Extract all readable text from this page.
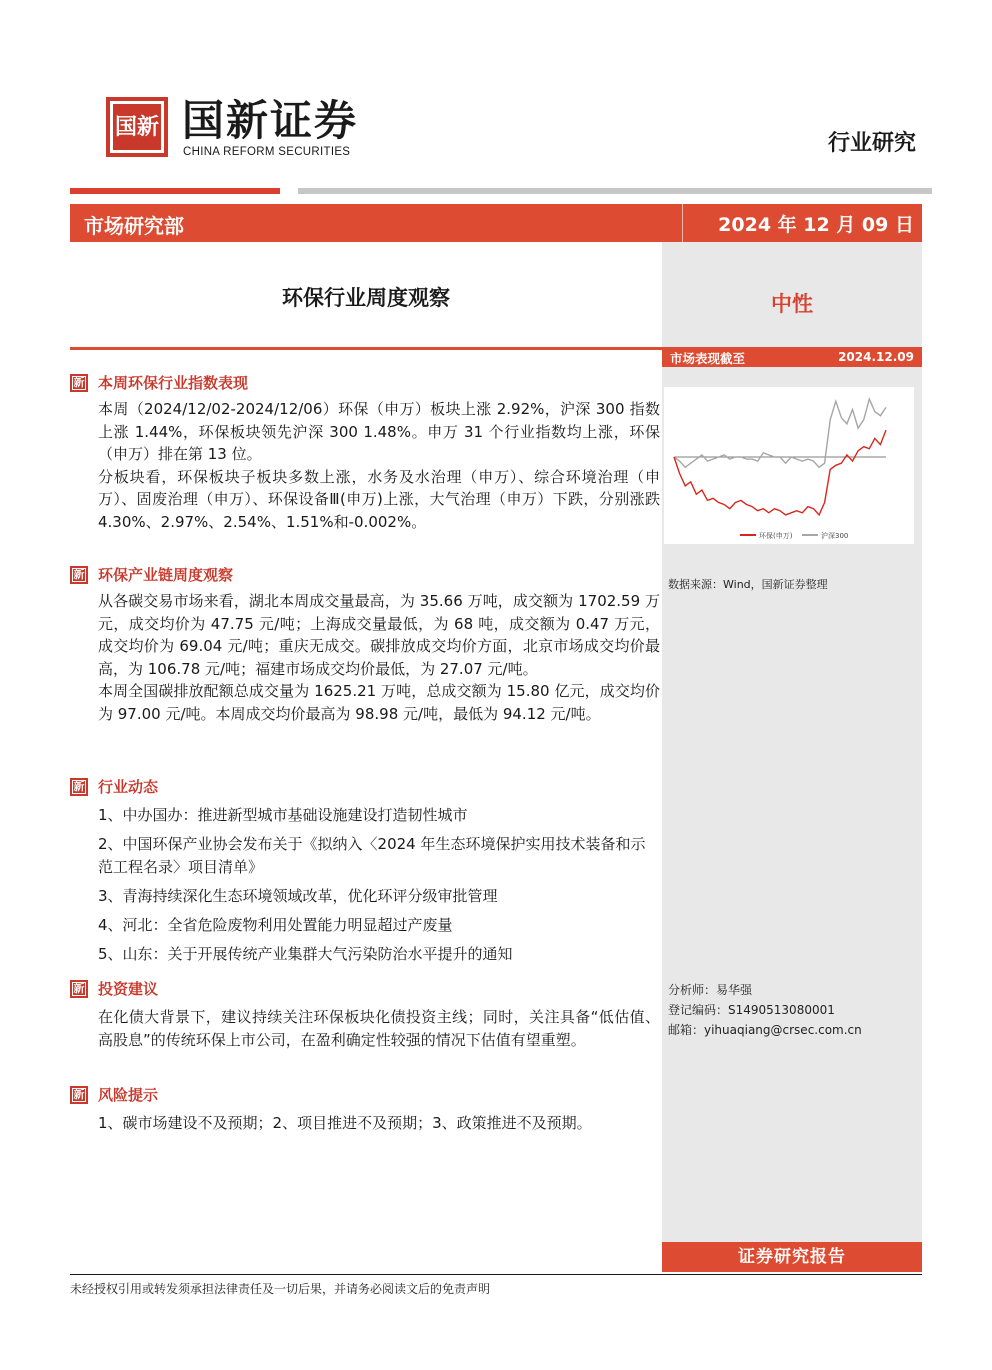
国新 国新证券
CHINA REFORM SECURITIES	行业研究
市场研究部	2024 年 12 月 09 日
中性
市场表现截至	2024.12.09
环保(申万)	沪深300
数据来源：Wind，国新证券整理
分析师：易华强
登记编码：S1490513080001
邮箱：yihuaqiang@crsec.com.cn
证券研究报告
环保行业周度观察
新 本周环保行业指数表现
本周（2024/12/02-2024/12/06）环保（申万）板块上涨 2.92%，沪深 300 指数上涨 1.44%，环保板块领先沪深 300 1.48%。申万 31 个行业指数均上涨，环保（申万）排在第 13 位。
分板块看，环保板块子板块多数上涨，水务及水治理（申万）、综合环境治理（申万）、固废治理（申万）、环保设备Ⅲ(申万)上涨，大气治理（申万）下跌，分别涨跌 4.30%、2.97%、2.54%、1.51%和-0.002%。
新 环保产业链周度观察
从各碳交易市场来看，湖北本周成交量最高，为 35.66 万吨，成交额为 1702.59 万元，成交均价为 47.75 元/吨；上海成交量最低，为 68 吨，成交额为 0.47 万元，成交均价为 69.04 元/吨；重庆无成交。碳排放成交均价方面，北京市场成交均价最高，为 106.78 元/吨；福建市场成交均价最低，为 27.07 元/吨。
本周全国碳排放配额总成交量为 1625.21 万吨，总成交额为 15.80 亿元，成交均价为 97.00 元/吨。本周成交均价最高为 98.98 元/吨，最低为 94.12 元/吨。
新 行业动态
1、中办国办：推进新型城市基础设施建设打造韧性城市
2、中国环保产业协会发布关于《拟纳入〈2024 年生态环境保护实用技术装备和示范工程名录〉项目清单》
3、青海持续深化生态环境领域改革，优化环评分级审批管理
4、河北：全省危险废物利用处置能力明显超过产废量
5、山东：关于开展传统产业集群大气污染防治水平提升的通知
新 投资建议
在化债大背景下，建议持续关注环保板块化债投资主线；同时，关注具备“低估值、高股息”的传统环保上市公司，在盈利确定性较强的情况下估值有望重塑。
新 风险提示
1、碳市场建设不及预期；2、项目推进不及预期；3、政策推进不及预期。
未经授权引用或转发须承担法律责任及一切后果，并请务必阅读文后的免责声明
